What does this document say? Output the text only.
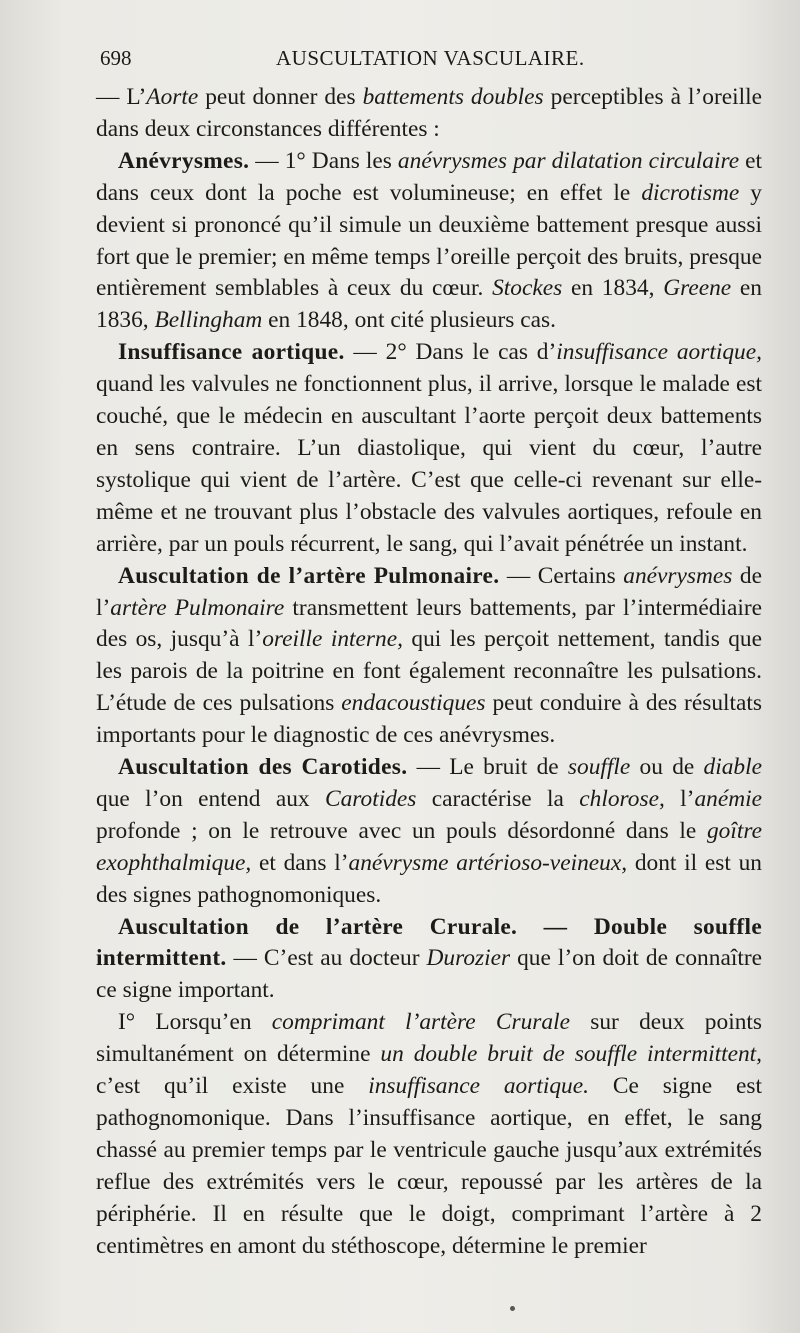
698	AUSCULTATION VASCULAIRE.

— L’Aorte peut donner des battements doubles perceptibles à l’oreille dans deux circonstances différentes :

Anévrysmes. — 1° Dans les anévrysmes par dilatation circulaire et dans ceux dont la poche est volumineuse; en effet le dicrotisme y devient si prononcé qu’il simule un deuxième battement presque aussi fort que le premier; en même temps l’oreille perçoit des bruits, presque entièrement semblables à ceux du cœur. Stockes en 1834, Greene en 1836, Bellingham en 1848, ont cité plusieurs cas.

Insuffisance aortique. — 2° Dans le cas d’insuffisance aortique, quand les valvules ne fonctionnent plus, il arrive, lorsque le malade est couché, que le médecin en auscultant l’aorte perçoit deux battements en sens contraire. L’un diastolique, qui vient du cœur, l’autre systolique qui vient de l’artère. C’est que celle-ci revenant sur elle-même et ne trouvant plus l’obstacle des valvules aortiques, refoule en arrière, par un pouls récurrent, le sang, qui l’avait pénétrée un instant.

Auscultation de l’artère Pulmonaire. — Certains anévrysmes de l’artère Pulmonaire transmettent leurs battements, par l’intermédiaire des os, jusqu’à l’oreille interne, qui les perçoit nettement, tandis que les parois de la poitrine en font également reconnaître les pulsations. L’étude de ces pulsations endacoustiques peut conduire à des résultats importants pour le diagnostic de ces anévrysmes.

Auscultation des Carotides. — Le bruit de souffle ou de diable que l’on entend aux Carotides caractérise la chlorose, l’anémie profonde ; on le retrouve avec un pouls désordonné dans le goître exophthalmique, et dans l’anévrysme artérioso-veineux, dont il est un des signes pathognomoniques.

Auscultation de l’artère Crurale. — Double souffle intermittent. — C’est au docteur Durozier que l’on doit de connaître ce signe important.

I° Lorsqu’en comprimant l’artère Crurale sur deux points simultanément on détermine un double bruit de souffle intermittent, c’est qu’il existe une insuffisance aortique. Ce signe est pathognomonique. Dans l’insuffisance aortique, en effet, le sang chassé au premier temps par le ventricule gauche jusqu’aux extrémités reflue des extrémités vers le cœur, repoussé par les artères de la périphérie. Il en résulte que le doigt, comprimant l’artère à 2 centimètres en amont du stéthoscope, détermine le premier
